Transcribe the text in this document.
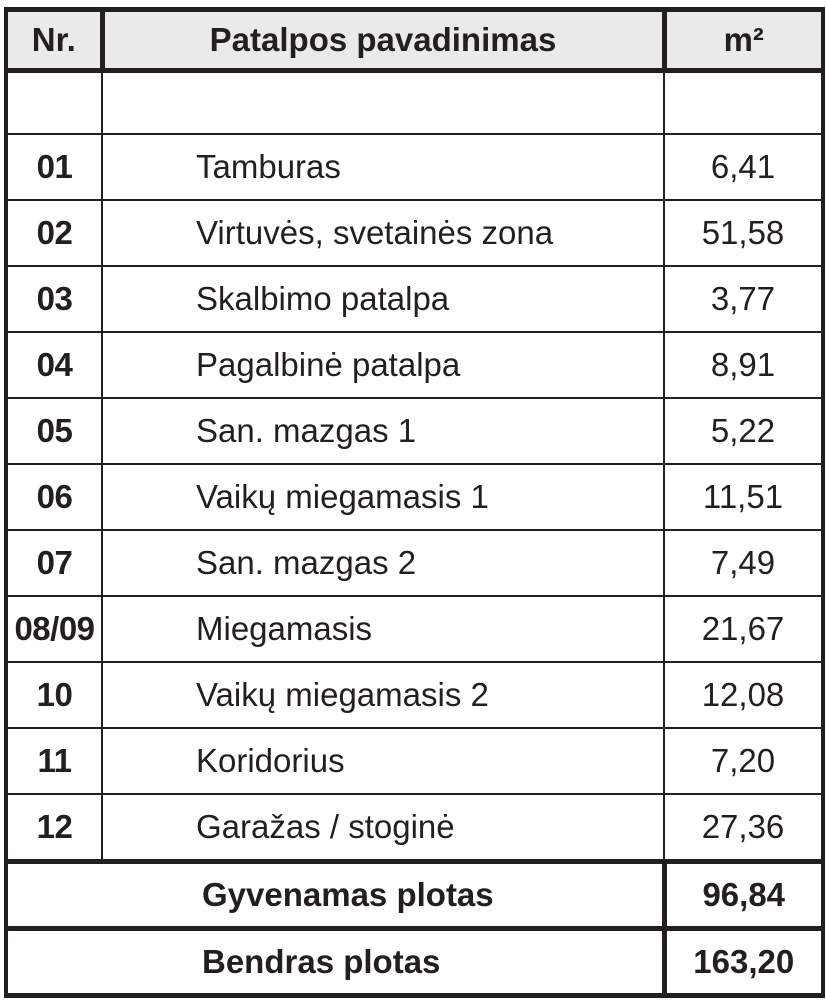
Nr.	Patalpos pavadinimas	m²

01	Tamburas	6,41
02	Virtuvės, svetainės zona	51,58
03	Skalbimo patalpa	3,77
04	Pagalbinė patalpa	8,91
05	San. mazgas 1	5,22
06	Vaikų miegamasis 1	11,51
07	San. mazgas 2	7,49
08/09	Miegamasis	21,67
10	Vaikų miegamasis 2	12,08
11	Koridorius	7,20
12	Garažas / stoginė	27,36
Gyvenamas plotas		96,84
Bendras plotas		163,20
